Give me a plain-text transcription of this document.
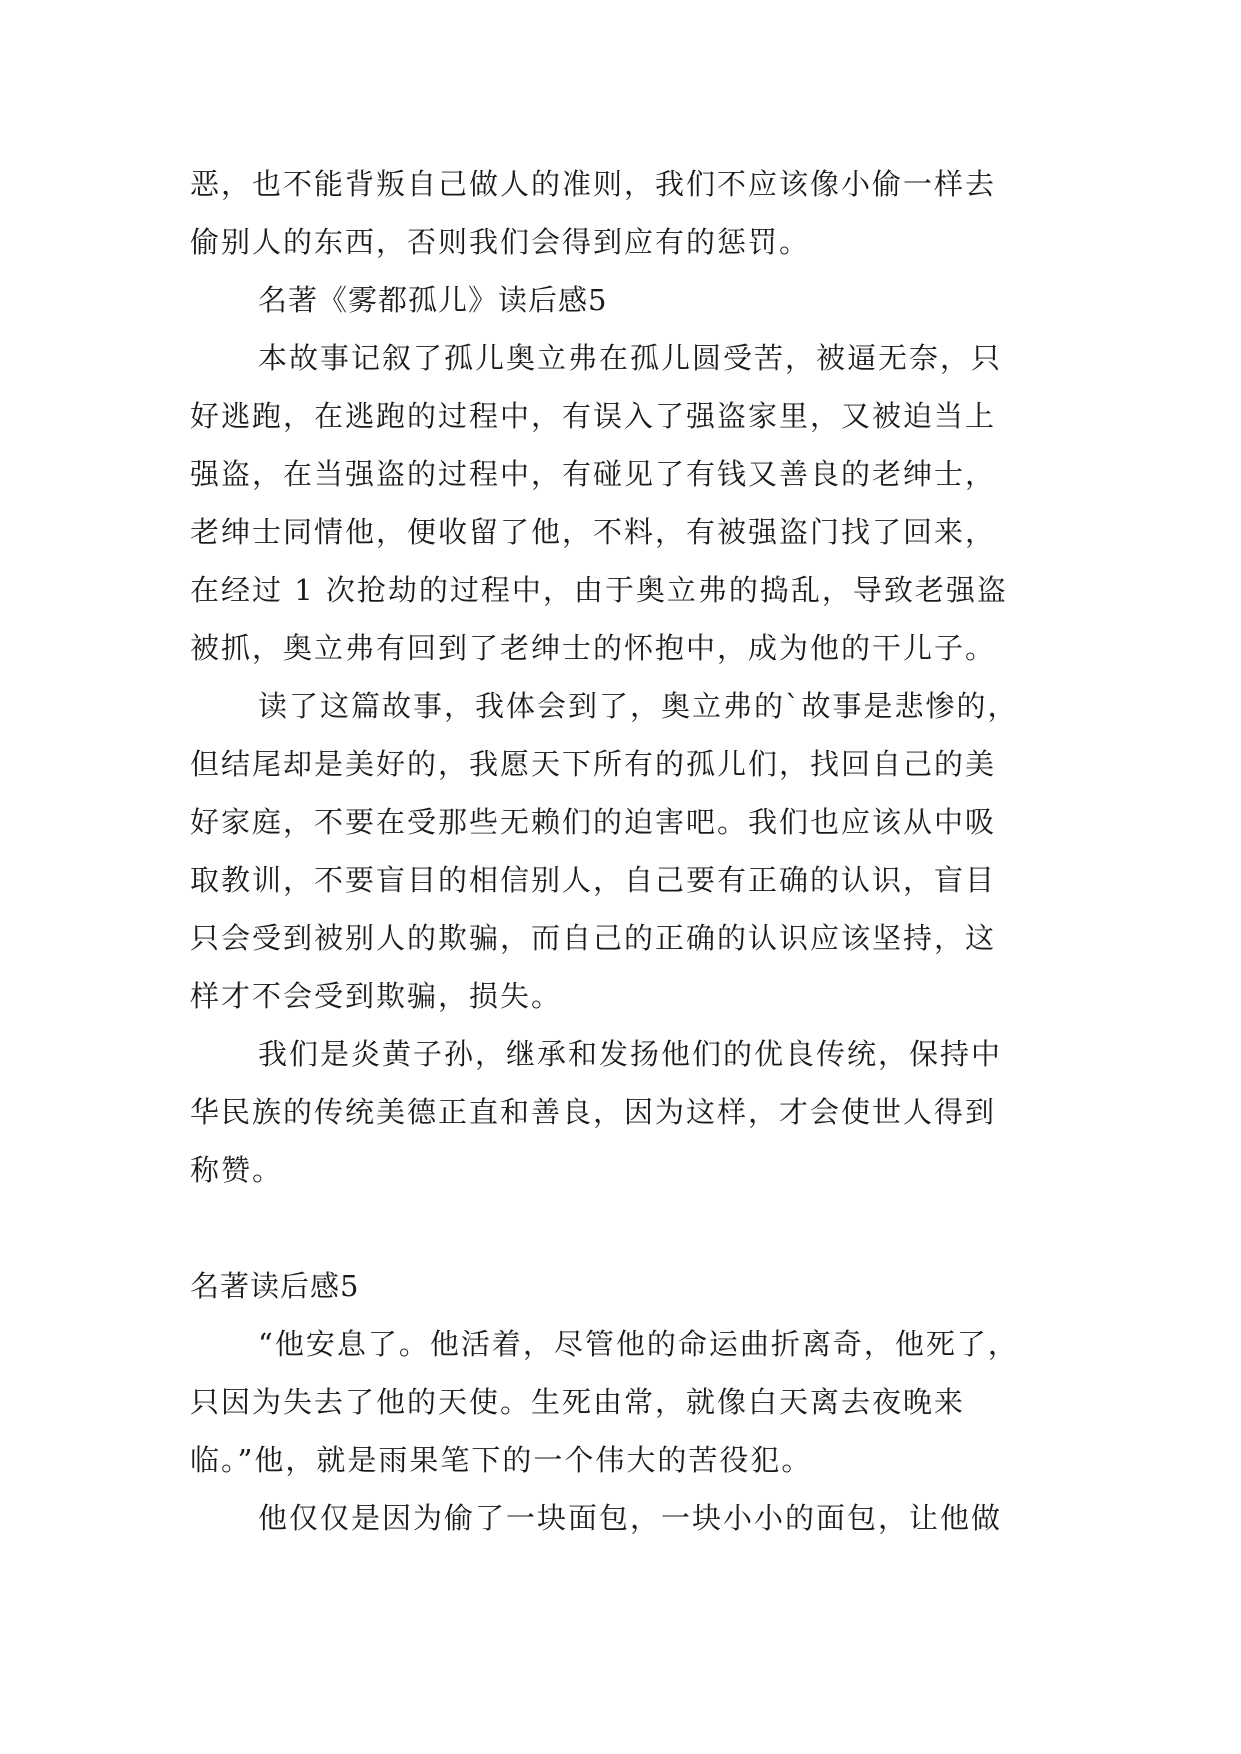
恶，也不能背叛自己做人的准则，我们不应该像小偷一样去
偷别人的东西，否则我们会得到应有的惩罚。
名著《雾都孤儿》读后感5
本故事记叙了孤儿奥立弗在孤儿圆受苦，被逼无奈，只
好逃跑，在逃跑的过程中，有误入了强盗家里，又被迫当上
强盗，在当强盗的过程中，有碰见了有钱又善良的老绅士，
老绅士同情他，便收留了他，不料，有被强盗门找了回来，
在经过 1 次抢劫的过程中，由于奥立弗的捣乱，导致老强盗
被抓，奥立弗有回到了老绅士的怀抱中，成为他的干儿子。
读了这篇故事，我体会到了，奥立弗的`故事是悲惨的，
但结尾却是美好的，我愿天下所有的孤儿们，找回自己的美
好家庭，不要在受那些无赖们的迫害吧。我们也应该从中吸
取教训，不要盲目的相信别人，自己要有正确的认识，盲目
只会受到被别人的欺骗，而自己的正确的认识应该坚持，这
样才不会受到欺骗，损失。
我们是炎黄子孙，继承和发扬他们的优良传统，保持中
华民族的传统美德正直和善良，因为这样，才会使世人得到
称赞。
名著读后感5
“他安息了。他活着，尽管他的命运曲折离奇，他死了，
只因为失去了他的天使。生死由常，就像白天离去夜晚来
临。”他，就是雨果笔下的一个伟大的苦役犯。
他仅仅是因为偷了一块面包，一块小小的面包，让他做
